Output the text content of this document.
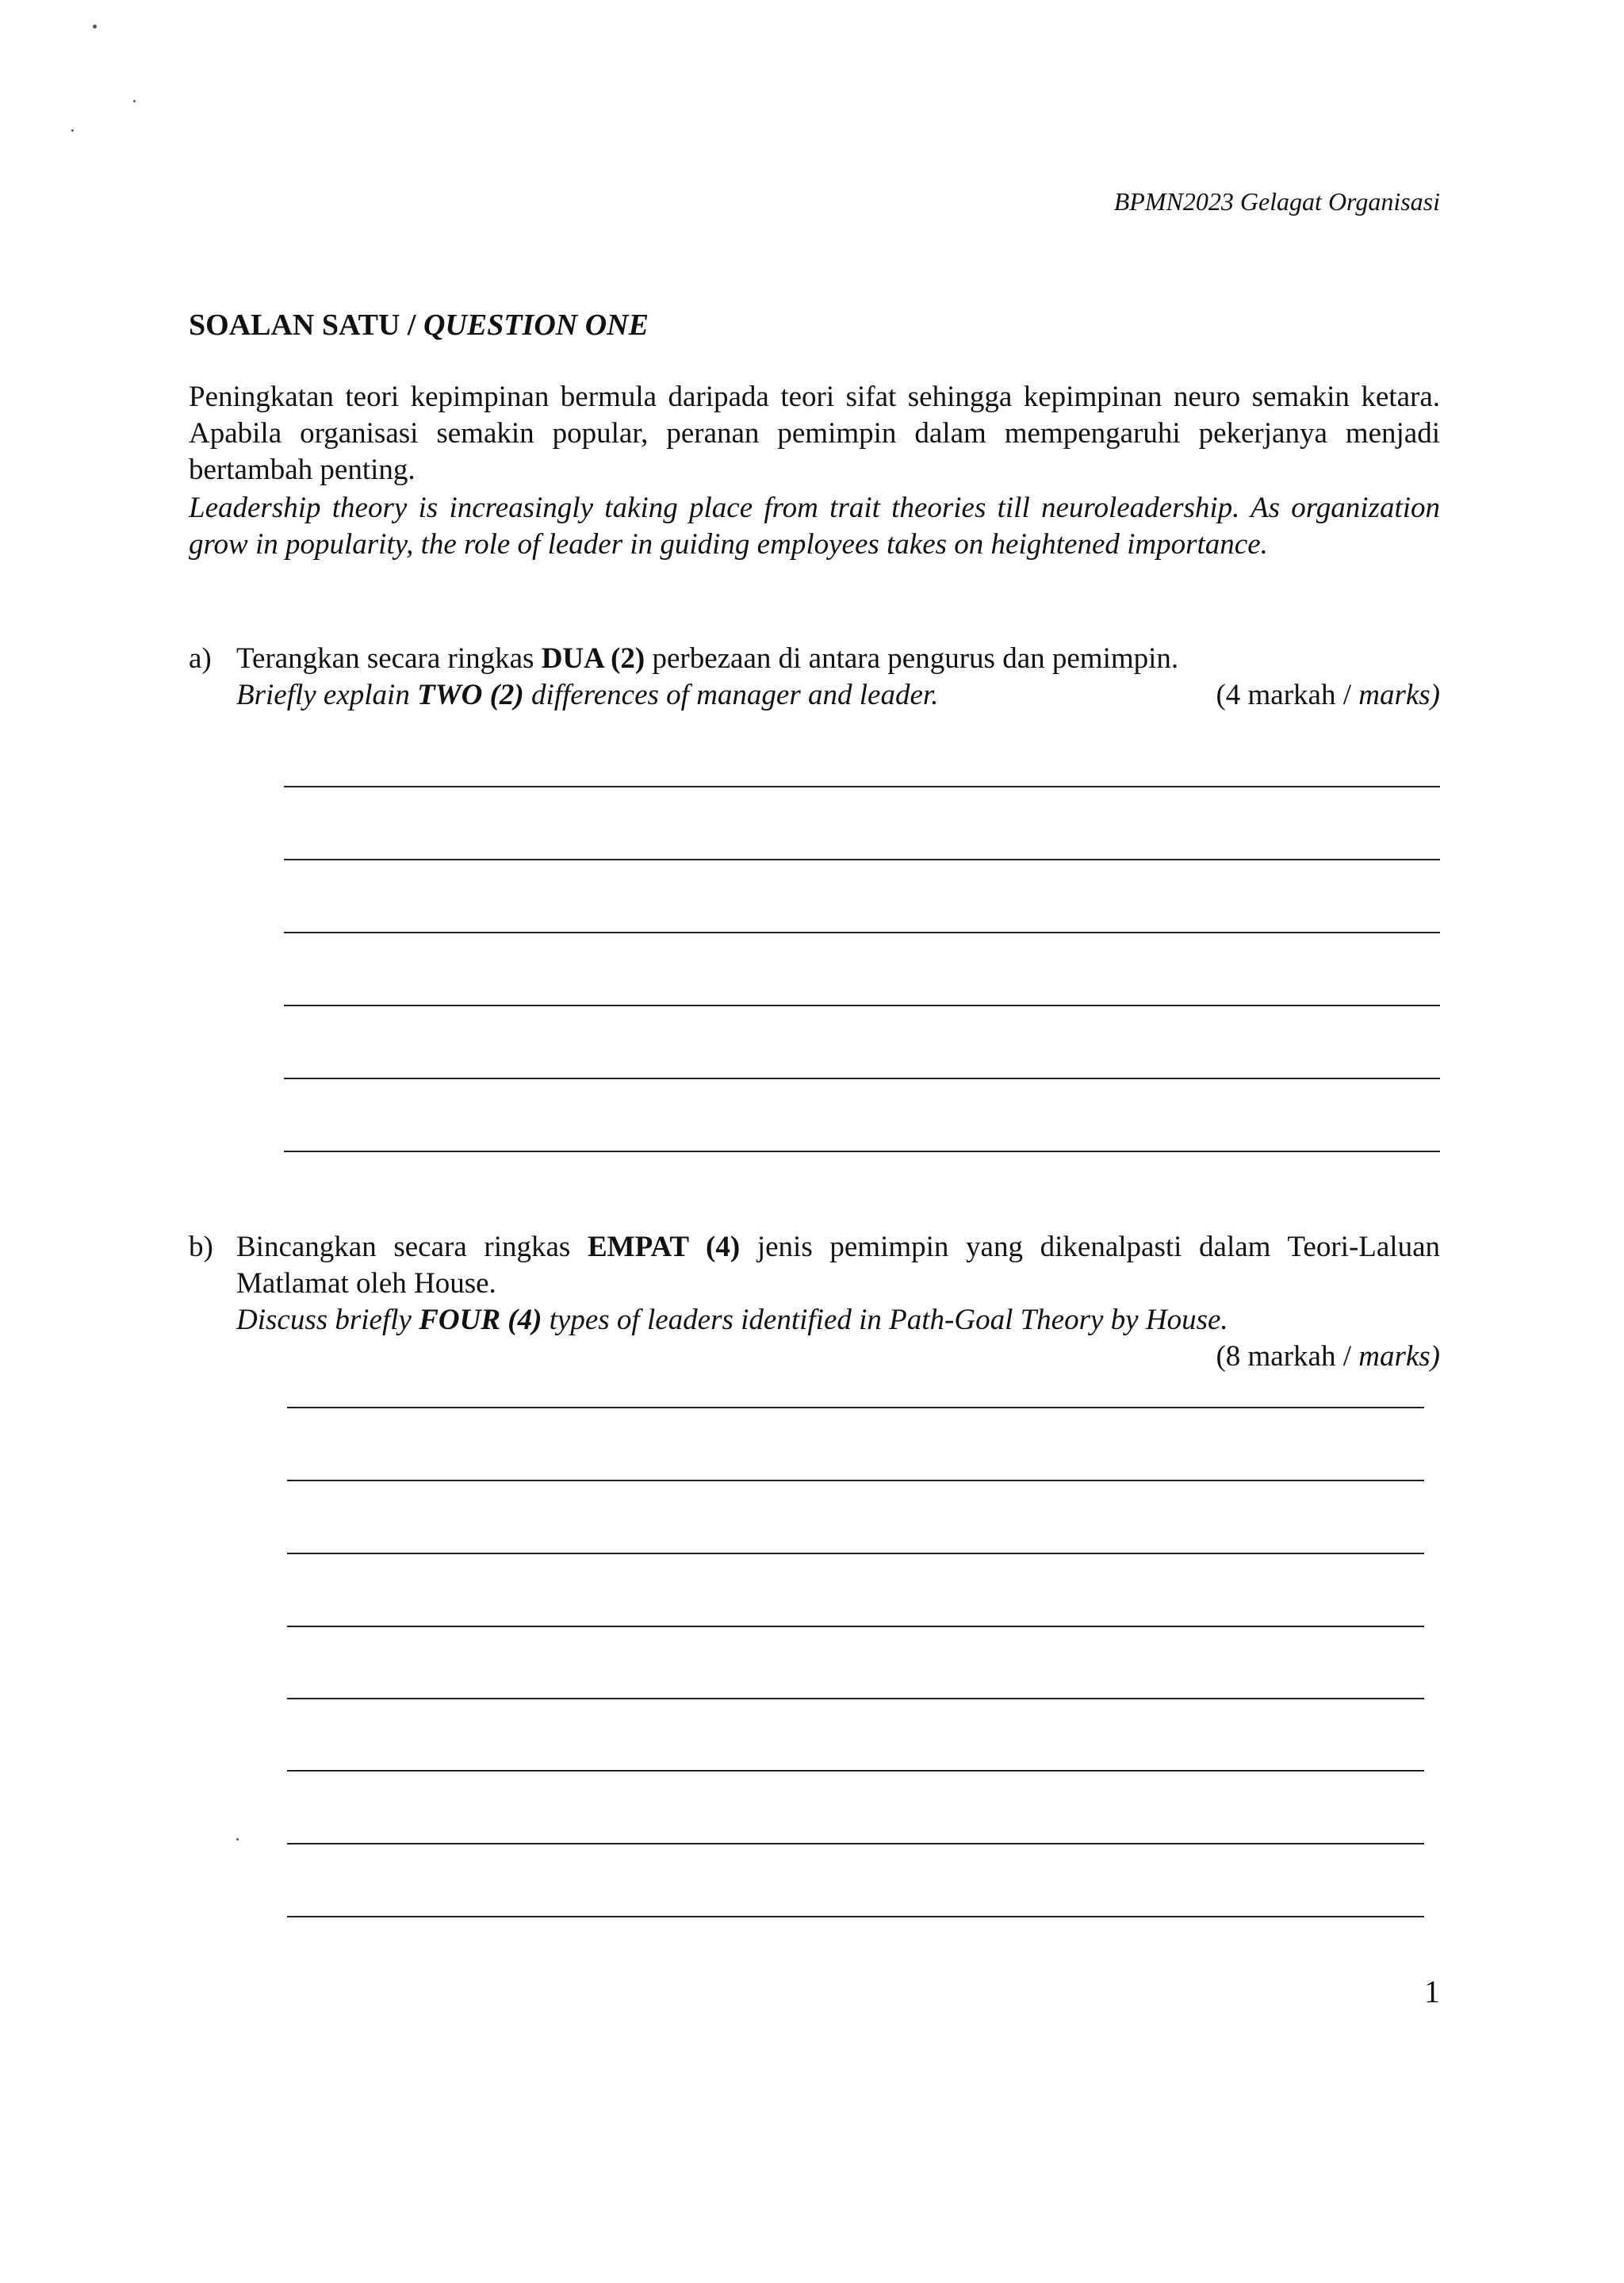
BPMN2023 Gelagat Organisasi
SOALAN SATU / QUESTION ONE
Peningkatan teori kepimpinan bermula daripada teori sifat sehingga kepimpinan neuro semakin ketara. Apabila organisasi semakin popular, peranan pemimpin dalam mempengaruhi pekerjanya menjadi bertambah penting.
Leadership theory is increasingly taking place from trait theories till neuroleadership. As organization grow in popularity, the role of leader in guiding employees takes on heightened importance.
a) Terangkan secara ringkas DUA (2) perbezaan di antara pengurus dan pemimpin.
Briefly explain TWO (2) differences of manager and leader.	(4 markah / marks)
b) Bincangkan secara ringkas EMPAT (4) jenis pemimpin yang dikenalpasti dalam Teori-Laluan Matlamat oleh House.
Discuss briefly FOUR (4) types of leaders identified in Path-Goal Theory by House.
(8 markah / marks)
1
